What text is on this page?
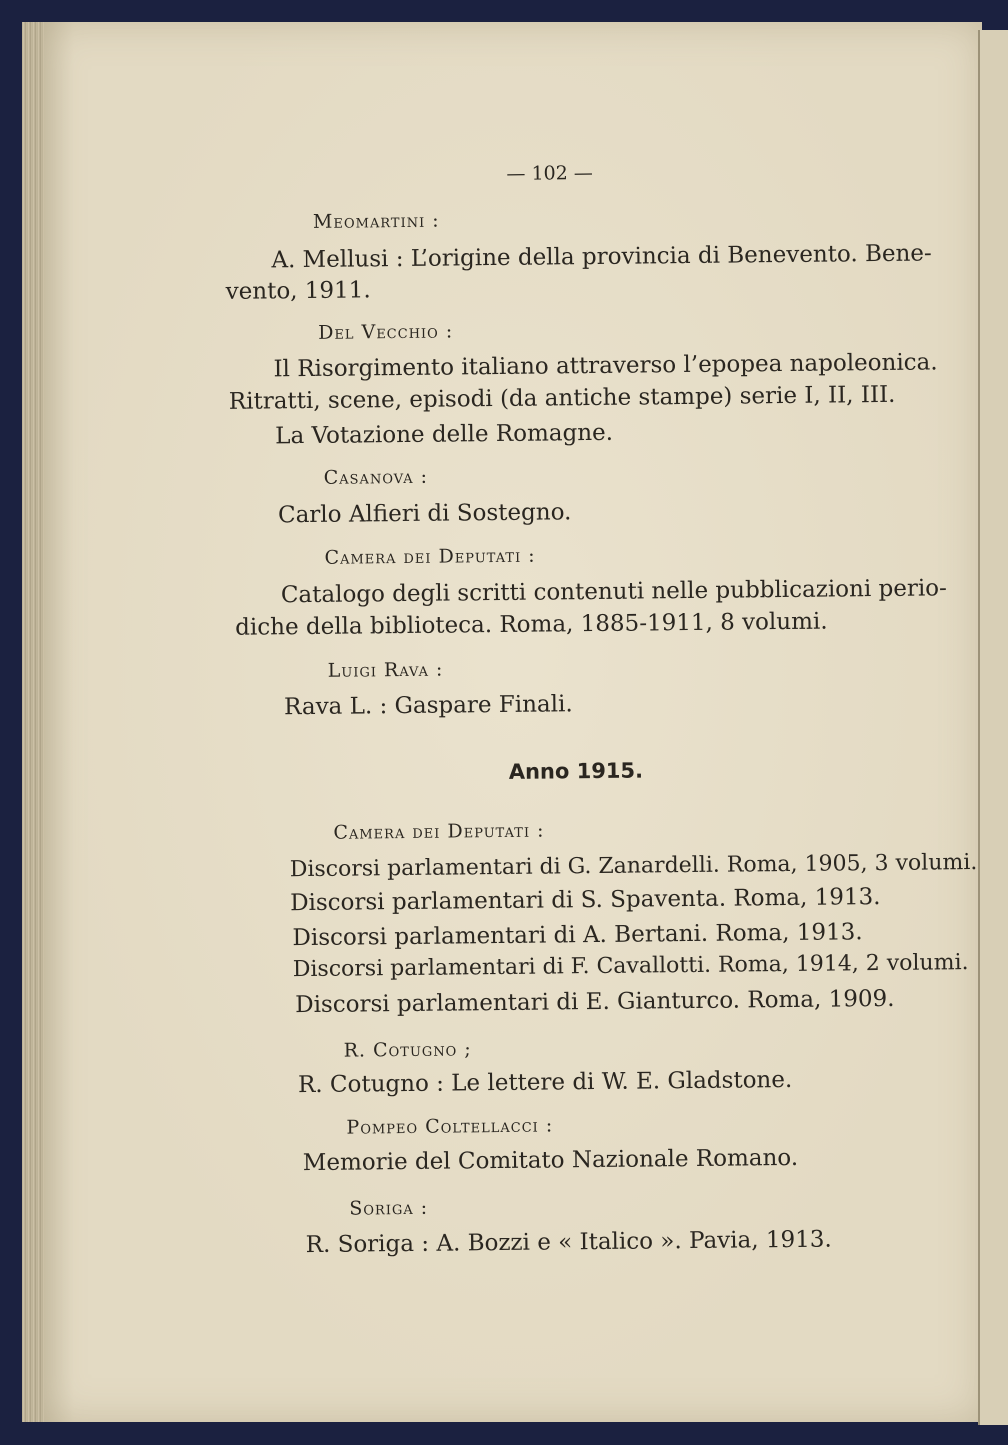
— 102 —
Meomartini :
A. Mellusi : L’origine della provincia di Benevento. Bene-
vento, 1911.
Del Vecchio :
Il Risorgimento italiano attraverso l’epopea napoleonica.
Ritratti, scene, episodi (da antiche stampe) serie I, II, III.
La Votazione delle Romagne.
Casanova :
Carlo Alfieri di Sostegno.
Camera dei Deputati :
Catalogo degli scritti contenuti nelle pubblicazioni perio-
diche della biblioteca. Roma, 1885-1911, 8 volumi.
Luigi Rava :
Rava L. : Gaspare Finali.
Anno 1915.
Camera dei Deputati :
Discorsi parlamentari di G. Zanardelli. Roma, 1905, 3 volumi.
Discorsi parlamentari di S. Spaventa. Roma, 1913.
Discorsi parlamentari di A. Bertani. Roma, 1913.
Discorsi parlamentari di F. Cavallotti. Roma, 1914, 2 volumi.
Discorsi parlamentari di E. Gianturco. Roma, 1909.
R. Cotugno ;
R. Cotugno : Le lettere di W. E. Gladstone.
Pompeo Coltellacci :
Memorie del Comitato Nazionale Romano.
Soriga :
R. Soriga : A. Bozzi e « Italico ». Pavia, 1913.
